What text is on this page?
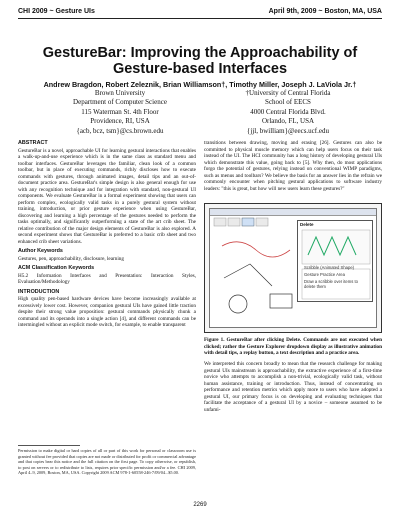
CHI 2009 ~ Gesture UIs	April 9th, 2009 ~ Boston, MA, USA
GestureBar: Improving the Approachability of Gesture-based Interfaces
Andrew Bragdon, Robert Zeleznik, Brian Williamson†, Timothy Miller, Joseph J. LaViola Jr.†
Brown University
Department of Computer Science
115 Waterman St. 4th Floor
Providence, RI, USA
{acb, bcz, tsm}@cs.brown.edu
†University of Central Florida
School of EECS
4000 Central Florida Blvd.
Orlando, FL, USA
{jjl, bwilliam}@eecs.ucf.edu
ABSTRACT
GestureBar is a novel, approachable UI for learning gestural interactions that enables a walk-up-and-use experience which is in the same class as standard menu and toolbar interfaces. GestureBar leverages the familiar, clean look of a common toolbar, but in place of executing commands, richly discloses how to execute commands with gestures, through animated images, detail tips and an out-of-document practice area. GestureBar's simple design is also general enough for use with any recognition technique and for integration with standard, non-gestural UI components. We evaluate GestureBar in a formal experiment showing that users can perform complex, ecologically valid tasks in a purely gestural system without training, introduction, or prior gesture experience when using GestureBar, discovering and learning a high percentage of the gestures needed to perform the tasks optimally, and significantly outperforming a state of the art crib sheet. The relative contribution of the major design elements of GestureBar is also explored. A second experiment shows that GestureBar is preferred to a basic crib sheet and two enhanced crib sheet variations.
Author Keywords
Gestures, pen, approachability, disclosure, learning
ACM Classification Keywords
H5.2 Information Interfaces and Presentation: Interaction Styles, Evaluation/Methodology
INTRODUCTION
High quality pen-based hardware devices have become increasingly available at excessively lower cost. However, companion gestural UIs have gained little traction despite their strong value proposition: gestural commands physically chunk a command and its operands into a single action [4], and different commands can be intermingled without an explicit mode switch, for example, to enable transparent
Permission to make digital or hard copies of all or part of this work for personal or classroom use is granted without fee provided that copies are not made or distributed for profit or commercial advantage and that copies bear this notice and the full citation on the first page. To copy otherwise, or republish, to post on servers or to redistribute to lists, requires prior specific permission and/or a fee. CHI 2009, April 4–9, 2009, Boston, MA, USA. Copyright 2009 ACM 978-1-60558-246-7/09/04...$5.00.
transitions between drawing, moving and erasing [26]. Gestures can also be committed to physical muscle memory which can help users focus on their task instead of the UI. The HCI community has a long history of developing gestural UIs which demonstrate this value, going back to [5]. Why then, do most applications forgo the potential of gestures, relying instead on conventional WIMP paradigms, such as menus and toolbars? We believe the basis for an answer lies in the refrain we commonly encounter when pitching gestural applications to software industry leaders: "this is great, but how will new users learn these gestures?"
Delete
Scribble (Animated Shape)
Gesture Practice Area
Draw a scribble over items to delete them
Figure 1. GestureBar after clicking Delete. Commands are not executed when clicked; rather the Gesture Explorer dropdown display as illustrative animation with detail tips, a replay button, a text description and a practice area.
We interpreted this concern broadly to mean that the research challenge for making gestural UIs mainstream is approachability, the extractive experience of a first-time novice who attempts to accomplish a non-trivial, ecologically valid task, without human assistance, training or introduction. Thus, instead of concentrating on performance and retention metrics which apply more to users who have adopted a gestural UI, our primary focus is on developing and evaluating techniques that facilitate the acceptance of a gestural UI by a novice – someone assumed to be unfami-
2269
